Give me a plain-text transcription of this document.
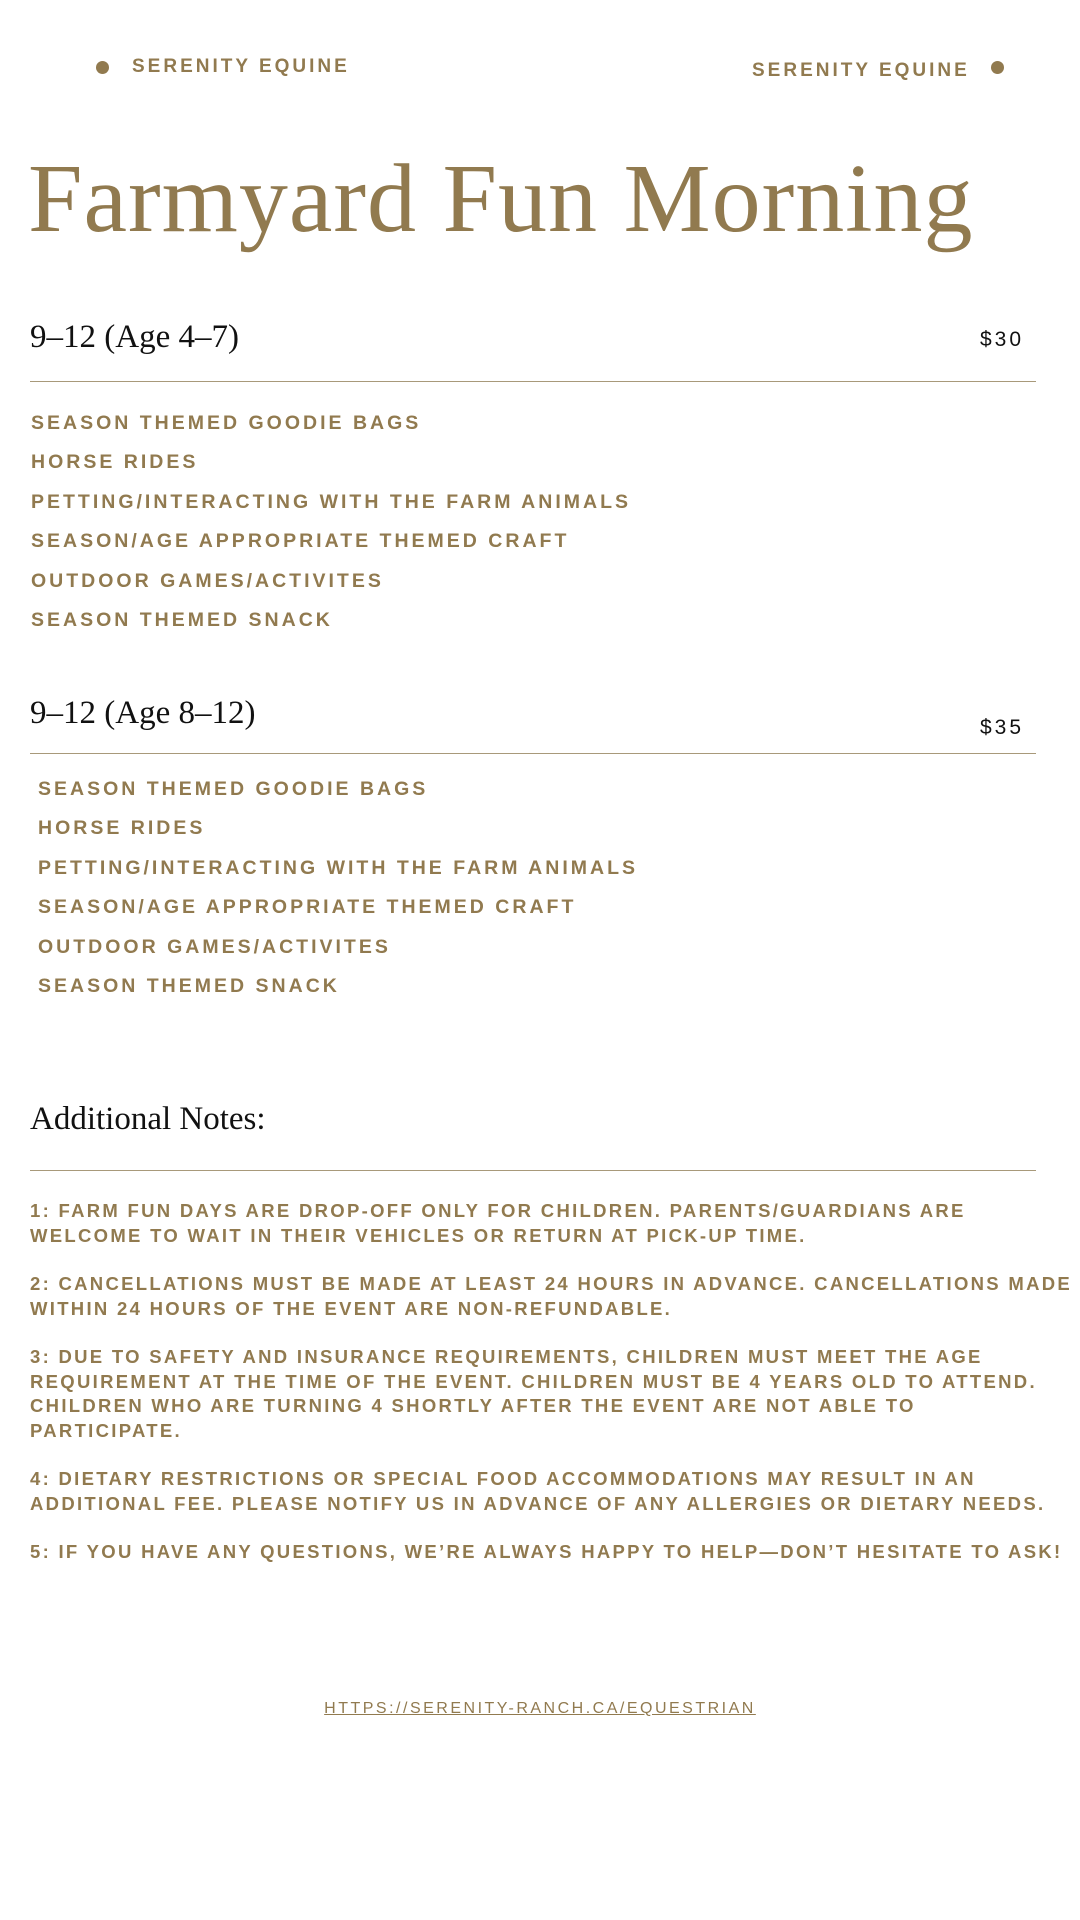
SERENITY EQUINE	SERENITY EQUINE
Farmyard Fun Morning
9–12 (Age 4–7)	$30
SEASON THEMED GOODIE BAGS
HORSE RIDES
PETTING/INTERACTING WITH THE FARM ANIMALS
SEASON/AGE APPROPRIATE THEMED CRAFT
OUTDOOR GAMES/ACTIVITES
SEASON THEMED SNACK
9–12 (Age 8–12)	$35
SEASON THEMED GOODIE BAGS
HORSE RIDES
PETTING/INTERACTING WITH THE FARM ANIMALS
SEASON/AGE APPROPRIATE THEMED CRAFT
OUTDOOR GAMES/ACTIVITES
SEASON THEMED SNACK
Additional Notes:

1: FARM FUN DAYS ARE DROP-OFF ONLY FOR CHILDREN. PARENTS/GUARDIANS ARE WELCOME TO WAIT IN THEIR VEHICLES OR RETURN AT PICK-UP TIME.

2: CANCELLATIONS MUST BE MADE AT LEAST 24 HOURS IN ADVANCE. CANCELLATIONS MADE WITHIN 24 HOURS OF THE EVENT ARE NON-REFUNDABLE.

3: DUE TO SAFETY AND INSURANCE REQUIREMENTS, CHILDREN MUST MEET THE AGE REQUIREMENT AT THE TIME OF THE EVENT. CHILDREN MUST BE 4 YEARS OLD TO ATTEND. CHILDREN WHO ARE TURNING 4 SHORTLY AFTER THE EVENT ARE NOT ABLE TO PARTICIPATE.

4: DIETARY RESTRICTIONS OR SPECIAL FOOD ACCOMMODATIONS MAY RESULT IN AN ADDITIONAL FEE. PLEASE NOTIFY US IN ADVANCE OF ANY ALLERGIES OR DIETARY NEEDS.

5: IF YOU HAVE ANY QUESTIONS, WE’RE ALWAYS HAPPY TO HELP—DON’T HESITATE TO ASK!

HTTPS://SERENITY-RANCH.CA/EQUESTRIAN
